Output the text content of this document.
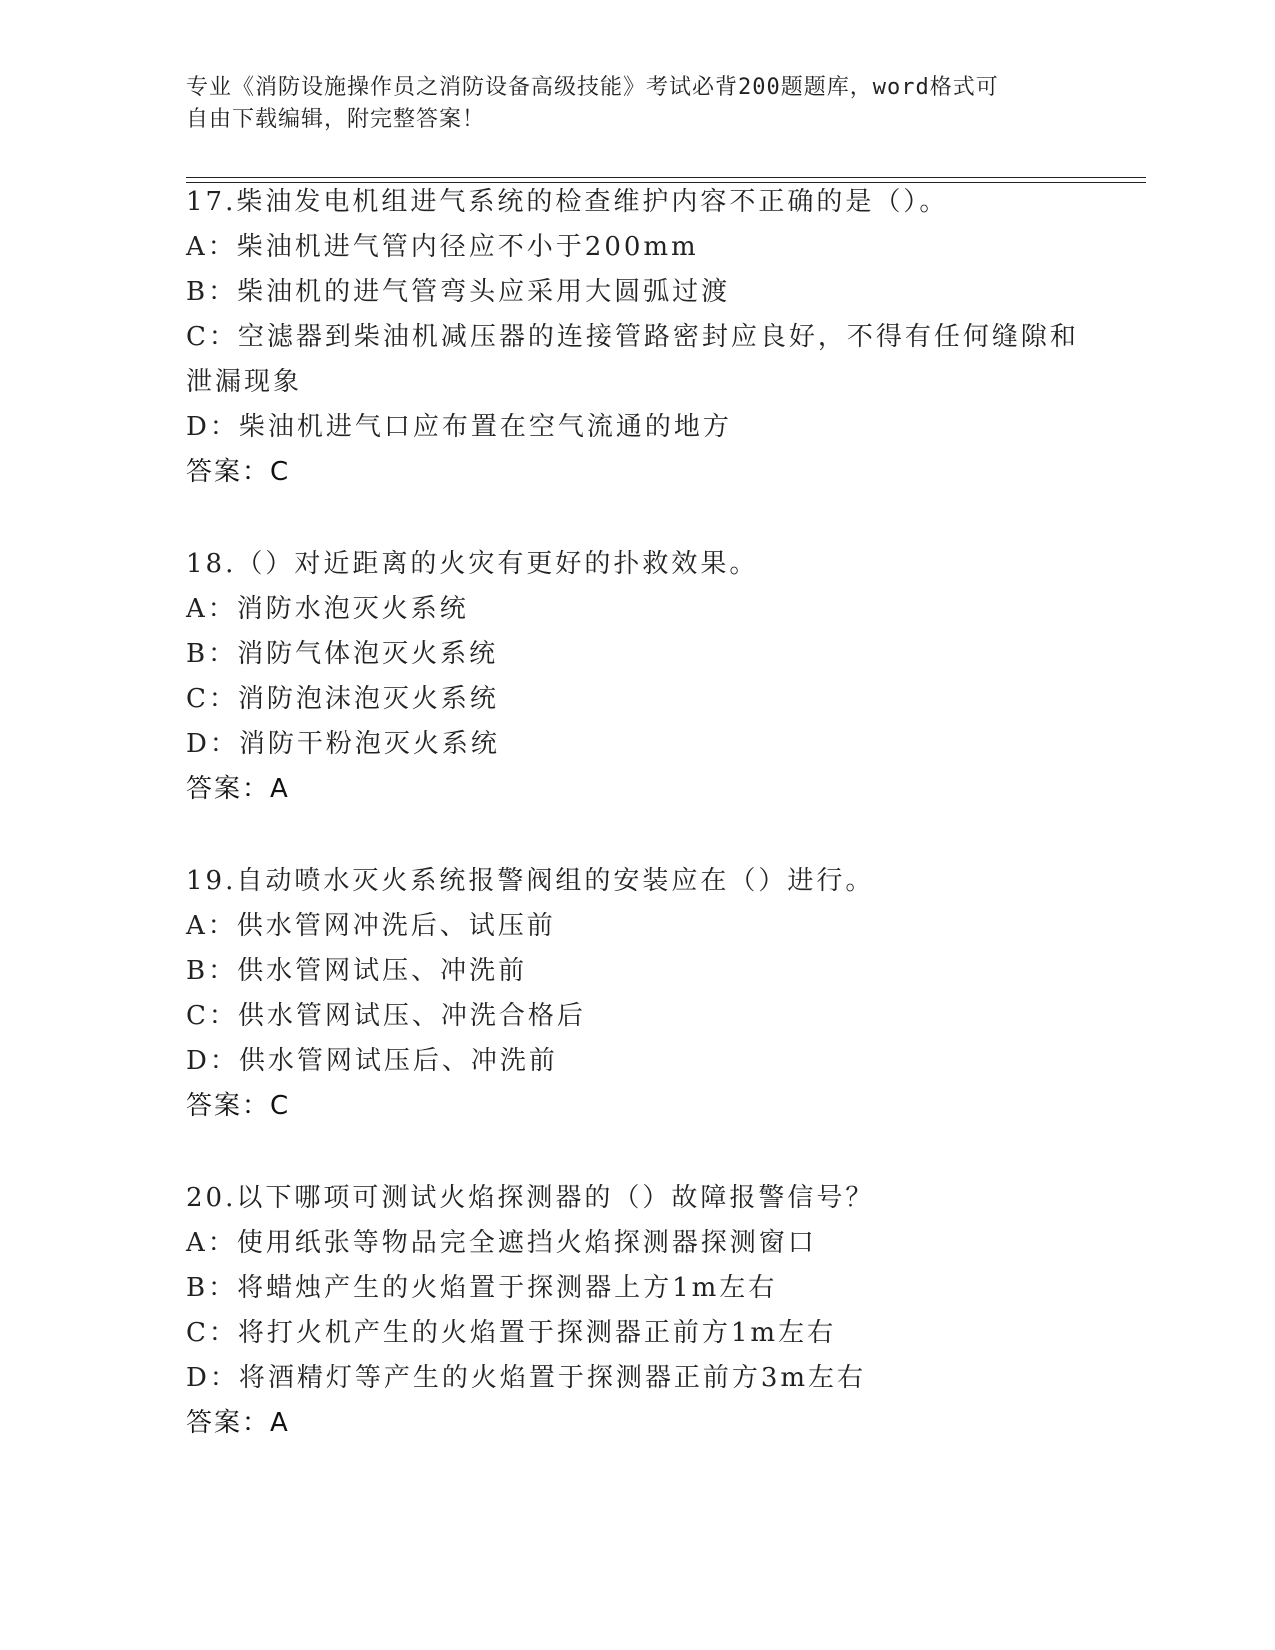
专业《消防设施操作员之消防设备高级技能》考试必背200题题库，word格式可
自由下载编辑，附完整答案！
17.柴油发电机组进气系统的检查维护内容不正确的是（）。
A：柴油机进气管内径应不小于200mm
B：柴油机的进气管弯头应采用大圆弧过渡
C：空滤器到柴油机减压器的连接管路密封应良好，不得有任何缝隙和
泄漏现象
D：柴油机进气口应布置在空气流通的地方
答案：C
18.（）对近距离的火灾有更好的扑救效果。
A：消防水泡灭火系统
B：消防气体泡灭火系统
C：消防泡沫泡灭火系统
D：消防干粉泡灭火系统
答案：A
19.自动喷水灭火系统报警阀组的安装应在（）进行。
A：供水管网冲洗后、试压前
B：供水管网试压、冲洗前
C：供水管网试压、冲洗合格后
D：供水管网试压后、冲洗前
答案：C
20.以下哪项可测试火焰探测器的（）故障报警信号？
A：使用纸张等物品完全遮挡火焰探测器探测窗口
B：将蜡烛产生的火焰置于探测器上方1m左右
C：将打火机产生的火焰置于探测器正前方1m左右
D：将酒精灯等产生的火焰置于探测器正前方3m左右
答案：A
